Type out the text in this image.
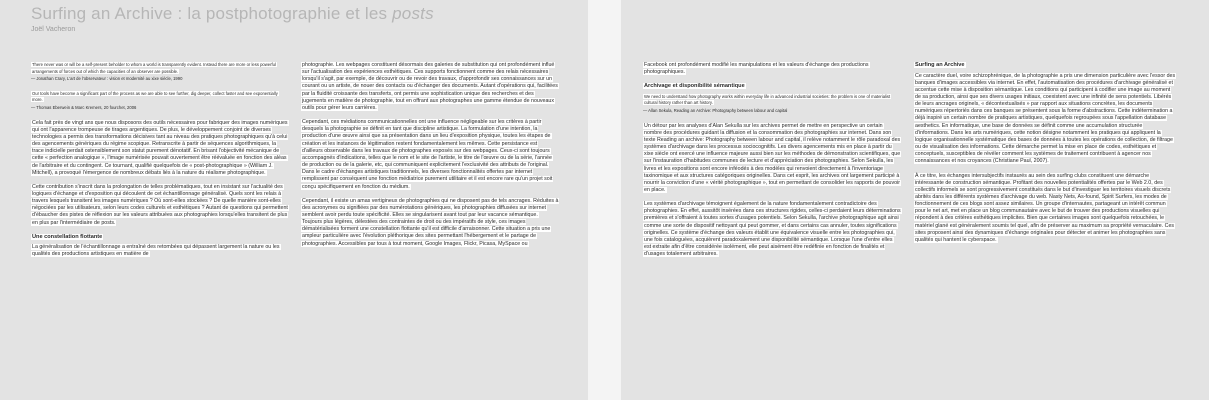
Surfing an Archive : la postphotographie et les posts
Joël Vacheron

There never was or will be a self-present beholder to whom a world is transparently evident. Instead there are more or less powerful arrangements of forces out of which the capacities of an observer are possible.
— Jonathan Crary, L'art de l'observateur : vision et modernité au xixe siècle, 1990

Our tools have become a significant part of the process as we are able to see further, dig deeper, collect faster and see exponentially more.
— Thomas Eberwein & Marc Kremers, 20 fourchet, 2006

Cela fait près de vingt ans que nous disposons des outils nécessaires pour fabriquer des images numériques qui ont l'apparence trompeuse de tirages argentiques. De plus, le développement conjoint de diverses technologies a permis des transformations décisives tant au niveau des pratiques photographiques qu'à celui des agencements génériques du régime scopique. Retranscrite à partir de séquences algorithmiques, la trace indicielle perdait ostensiblement son statut purement dénotatif. En brisant l'objectivité mécanique de cette « perfection analogique », l'image numérisée pouvait ouvertement être réévaluée en fonction des aléas de l'arbitraire et du contingent. Ce tournant, qualifié quelquefois de « post-photographique » (William J. Mitchell), a provoqué l'émergence de nombreux débats liés à la nature du réalisme photographique.

Cette contribution s'inscrit dans la prolongation de telles problématiques, tout en insistant sur l'actualité des logiques d'échange et d'exposition qui découlent de cet échantillonnage généralisé. Quels sont les relais à travers lesquels transitent les images numériques ? Où sont-elles stockées ? De quelle manière sont-elles négociées par les utilisateurs, selon leurs codes culturels et esthétiques ? Autant de questions qui permettent d'ébaucher des pistes de réflexion sur les valeurs attribuées aux photographies lorsqu'elles transitent de plus en plus par l'intermédiaire de posts.

Une constellation flottante

La généralisation de l'échantillonnage a entraîné des retombées qui dépassent largement la nature ou les qualités des productions artistiques en matière de

photographie. Les webpages constituent désormais des galeries de substitution qui ont profondément influé sur l'actualisation des expériences esthétiques. Ces supports fonctionnent comme des relais nécessaires lorsqu'il s'agit, par exemple, de découvrir ou de revoir des travaux, d'approfondir ses connaissances sur un courant ou un artiste, de nouer des contacts ou d'échanger des documents. Autant d'opérations qui, facilitées par la fluidité croissante des transferts, ont permis une sophistication unique des recherches et des jugements en matière de photographie, tout en offrant aux photographes une gamme étendue de nouveaux outils pour gérer leurs carrières.

Cependant, ces médiations communicationnelles ont une influence négligeable sur les critères à partir desquels la photographie se définit en tant que discipline artistique. La formulation d'une intention, la production d'une œuvre ainsi que sa présentation dans un lieu d'exposition physique, toutes les étapes de création et les instances de légitimation restent fondamentalement les mêmes. Cette persistance est d'ailleurs observable dans les travaux de photographes exposés sur des webpages. Ceux-ci sont toujours accompagnés d'indications, telles que le nom et le site de l'artiste, le titre de l'œuvre ou de la série, l'année de production ou de la galerie, etc, qui communiquent explicitement l'exclusivité des attributs de l'original. Dans le cadre d'échanges artistiques traditionnels, les diverses fonctionnalités offertes par internet remplissent par conséquent une fonction médiatrice purement utilitaire et il est encore rare qu'un projet soit conçu spécifiquement en fonction du médium.

Cependant, il existe un amas vertigineux de photographies qui ne disposent pas de tels ancrages. Réduites à des acronymes ou signifiées par des numérotations génériques, les photographies diffusées sur internet semblent avoir perdu toute spécificité. Elles se singularisent avant tout par leur vacance sémantique. Toujours plus légères, délestées des contraintes de droit ou des impératifs de style, ces images dématérialisées forment une constellation flottante qu'il est difficile d'arraisonner. Cette situation a pris une ampleur particulière avec l'évolution pléthorique des sites permettant l'hébergement et le partage de photographies. Accessibles par tous à tout moment, Google Images, Flickr, Picasa, MySpace ou

Facebook ont profondément modifié les manipulations et les valeurs d'échange des productions photographiques.

Archivage et disponibilité sémantique

We need to understand how photography works within everyday life in advanced industrial societies: the problem is one of materialist cultural history rather than art history.
— Allan Sekula, Reading an Archive: Photography between labour and capital

Un détour par les analyses d'Alan Sekulla sur les archives permet de mettre en perspective un certain nombre des procédures guidant la diffusion et la consommation des photographies sur internet. Dans son texte Reading an archive: Photography between labour and capital, il relève notamment le rôle paradoxal des systèmes d'archivage dans les processus sociocognitifs. Les divers agencements mis en place à partir du xixe siècle ont exercé une influence majeure aussi bien sur les méthodes de démonstration scientifiques, que sur l'instauration d'habitudes communes de lecture et d'appréciation des photographies. Selon Sekulla, les livres et les expositions sont encore inféodés à des modèles qui renvoient directement à l'inventoriage taxinomique et aux structures catégoriques originelles. Dans cet esprit, les archives ont largement participé à nourrir la conviction d'une « vérité photographique », tout en permettant de consolider les rapports de pouvoir en place.

Les systèmes d'archivage témoignent également de la nature fondamentalement contradictoire des photographies. En effet, aussitôt insérées dans ces structures rigides, celles-ci perdaient leurs déterminations premières et s'offraient à toutes sortes d'usages potentiels. Selon Sekulla, l'archive photographique agit ainsi comme une sorte de dispositif nettoyant qui peut gommer, et dans certains cas annuler, toutes significations originelles. Ce système d'échange des valeurs établit une équivalence visuelle entre les photographies qui, une fois cataloguées, acquièrent paradoxalement une disponibilité sémantique. Lorsque l'une d'entre elles est extraite afin d'être considérée isolément, elle peut aisément être redéfinie en fonction de finalités et d'usages totalement arbitraires.

Surfing an Archive

Ce caractère duel, voire schizophrénique, de la photographie a pris une dimension particulière avec l'essor des banques d'images accessibles via internet. En effet, l'automatisation des procédures d'archivage généralisé et accentue cette mise à disposition sémantique. Les conditions qui participent à codifier une image au moment de sa production, ainsi que ses divers usages initiaux, coexistent avec une infinité de sens potentiels. Libérés de leurs ancrages originels, « décontextualisés » par rapport aux situations concrètes, les documents numériques répertoriés dans ces banques se présentent sous la forme d'abstractions. Cette indétermination a déjà inspiré un certain nombre de pratiques artistiques, quelquefois regroupées sous l'appellation database aesthetics. En informatique, une base de données se définit comme une accumulation structurée d'informations. Dans les arts numériques, cette notion désigne notamment les pratiques qui appliquent la logique organisationnelle systématique des bases de données à toutes les opérations de collection, de filtrage ou de visualisation des informations. Cette démarche permet la mise en place de codes, esthétiques et conceptuels, susceptibles de révéler comment les systèmes de traitement contribuent à agencer nos connaissances et nos croyances (Christiane Paul, 2007).

À ce titre, les échanges intersubjectifs instaurés au sein des surfing clubs constituent une démarche intéressante de construction sémantique. Profitant des nouvelles potentialités offertes par le Web 2.0, des collectifs informels se sont progressivement constitués dans le but d'investiguer les territoires visuels discrets abrités dans les différents systèmes d'archivage du web. Nasty Nets, As-found, Spirit Surfers, les modes de fonctionnement de ces blogs sont assez similaires. Un groupe d'internautes, partageant un intérêt commun pour le net art, met en place un blog communautaire avec le but de trouver des productions visuelles qui répondent à des critères esthétiques implicites. Bien que certaines images sont quelquefois retouchées, le matériel glané est généralement soumis tel quel, afin de préserver au maximum sa propriété vernaculaire. Ces sites proposent ainsi des dynamiques d'échange originales pour détecter et animer les photographies sans qualités qui hantent le cyberspace.
